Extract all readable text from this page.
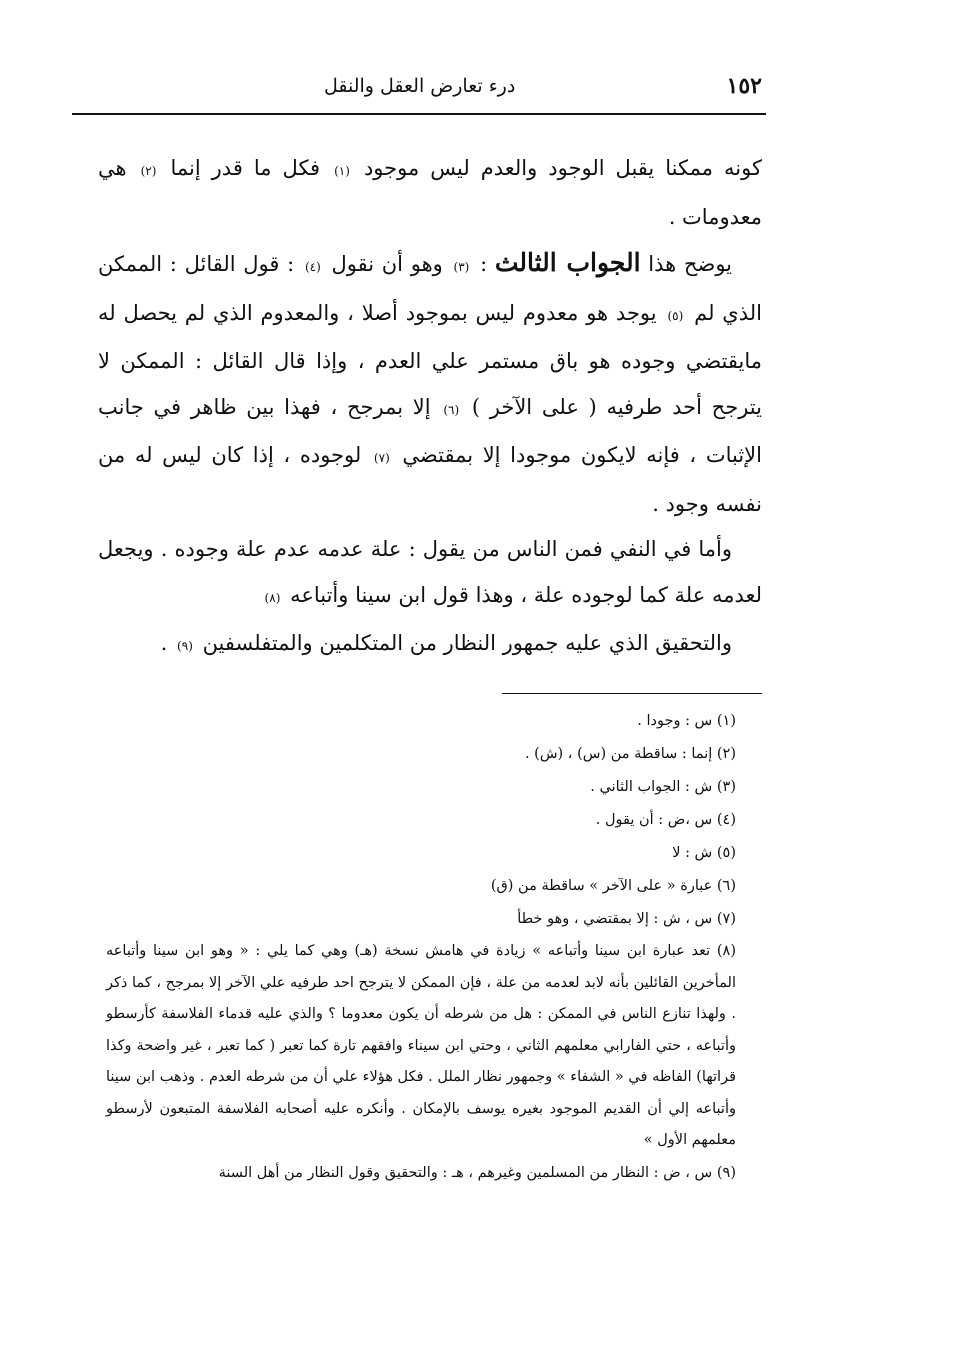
١٥٢
درء تعارض العقل والنقل

كونه ممكنا يقبل الوجود والعدم ليس موجود (١) فكل ما قدر إنما (٢) هي معدومات .

يوضح هذا الجواب الثالث : (٣) وهو أن نقول (٤) : قول القائل : الممكن الذي لم (٥) يوجد هو معدوم ليس بموجود أصلا ، والمعدوم الذي لم يحصل له مايقتضي وجوده هو باق مستمر علي العدم ، وإذا قال القائل : الممكن لا يترجح أحد طرفيه ( على الآخر ) (٦) إلا بمرجح ، فهذا بين ظاهر في جانب الإثبات ، فإنه لايكون موجودا إلا بمقتضي (٧) لوجوده ، إذا كان ليس له من نفسه وجود .

وأما في النفي فمن الناس من يقول : علة عدمه عدم علة وجوده . ويجعل لعدمه علة كما لوجوده علة ، وهذا قول ابن سينا وأتباعه (٨)

والتحقيق الذي عليه جمهور النظار من المتكلمين والمتفلسفين (٩) .

(١) س : وجودا .

(٢) إنما : ساقطة من (س) ، (ش) .

(٣) ش : الجواب الثاني .

(٤) س ،ض : أن يقول .

(٥) ش : لا

(٦) عبارة « على الآخر » ساقطة من (ق)

(٧) س ، ش : إلا بمقتضي ، وهو خطأ

(٨) تعد عبارة ابن سينا وأتباعه » زيادة في هامش نسخة (هـ) وهي كما يلي : « وهو ابن سينا وأتباعه المأخرين القائلين بأنه لابد لعدمه من علة ، فإن الممكن لا يترجح احد طرفيه علي الآخر إلا بمرجح ، كما ذكر . ولهذا تنازع الناس في الممكن : هل من شرطه أن يكون معدوما ؟ والذي عليه قدماء الفلاسفة كأرسطو وأتباعه ، حتي الفارابي معلمهم الثاني ، وحتي ابن سيناء وافقهم تارة كما تعبر ( كما تعبر ، غير واضحة وكذا قراتها) الفاظه في « الشفاء » وجمهور نظار الملل . فكل هؤلاء علي أن من شرطه العدم . وذهب ابن سينا وأتباعه إلي أن القديم الموجود بغيره يوسف بالإمكان . وأنكره عليه أصحابه الفلاسفة المتبعون لأرسطو معلمهم الأول »

(٩) س ، ض : النظار من المسلمين وغيرهم ، هـ : والتحقيق وقول النظار من أهل السنة
